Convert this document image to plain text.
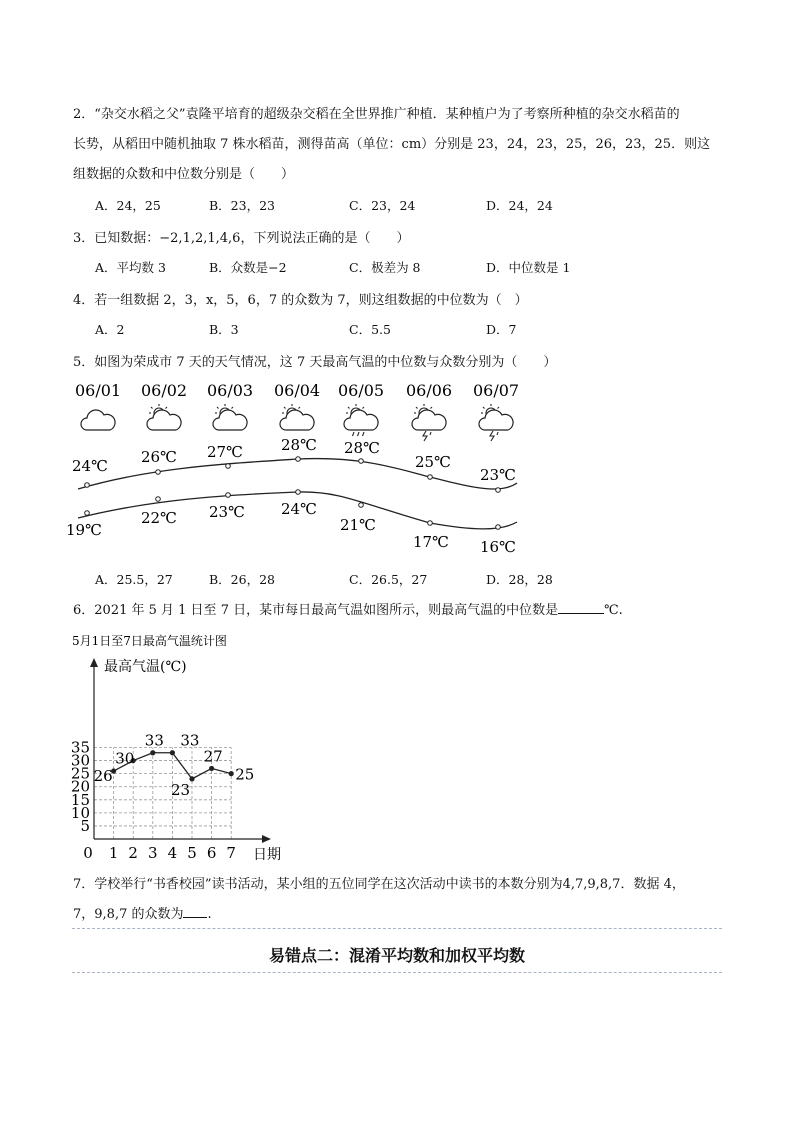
2．“杂交水稻之父”袁隆平培育的超级杂交稻在全世界推广种植．某种植户为了考察所种植的杂交水稻苗的
长势，从稻田中随机抽取 7 株水稻苗，测得苗高（单位：cm）分别是 23，24，23，25，26，23，25．则这
组数据的众数和中位数分别是（　　）
A．24，25	B．23，23	C．23，24	D．24，24
3．已知数据：−2,1,2,1,4,6，下列说法正确的是（　　）
A．平均数 3	B．众数是−2	C．极差为 8	D．中位数是 1
4．若一组数据 2，3，x，5，6，7 的众数为 7，则这组数据的中位数为（　）
A．2	B．3	C．5.5	D．7
5．如图为荣成市 7 天的天气情况，这 7 天最高气温的中位数与众数分别为（　　）
06/01 06/02 06/03 06/04 06/05 06/06 06/07
24℃ 26℃ 27℃	28℃ 28℃
25℃
23℃
19℃
22℃ 23℃ 24℃
21℃
17℃ 16℃
A．25.5，27	B．26，28	C．26.5，27	D．28，28
6．2021 年 5 月 1 日至 7 日，某市每日最高气温如图所示，则最高气温的中位数是	℃.
5月1日至7日最高气温统计图
最高气温(℃)
日期
5
10
15
20
25
30
35
0 1 2 3 4 5 6 7
26
30
33 33
23
27
25
7．学校举行“书香校园”读书活动，某小组的五位同学在这次活动中读书的本数分别为4,7,9,8,7．数据 4，
7，9,8,7 的众数为 .
易错点二：混淆平均数和加权平均数
